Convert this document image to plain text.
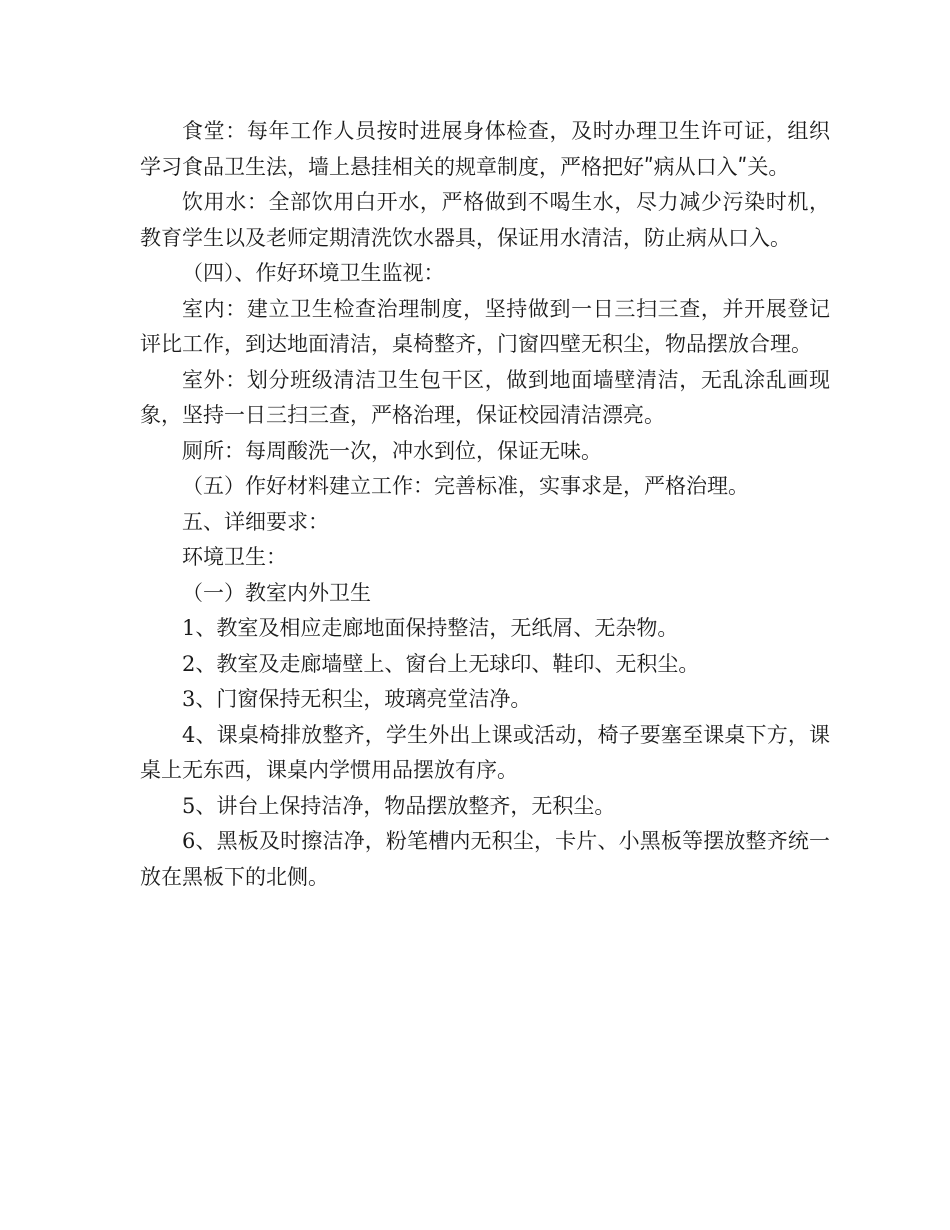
食堂：每年工作人员按时进展身体检查，及时办理卫生许可证，组织学习食品卫生法，墙上悬挂相关的规章制度，严格把好ʺ病从口入ʺ关。

饮用水：全部饮用白开水，严格做到不喝生水，尽力减少污染时机，教育学生以及老师定期清洗饮水器具，保证用水清洁，防止病从口入。

（四）、作好环境卫生监视：

室内：建立卫生检查治理制度，坚持做到一日三扫三查，并开展登记评比工作，到达地面清洁，桌椅整齐，门窗四壁无积尘，物品摆放合理。

室外：划分班级清洁卫生包干区，做到地面墙壁清洁，无乱涂乱画现象，坚持一日三扫三查，严格治理，保证校园清洁漂亮。

厕所：每周酸洗一次，冲水到位，保证无味。

（五）作好材料建立工作：完善标准，实事求是，严格治理。

五、详细要求：

环境卫生：

（一）教室内外卫生

1、教室及相应走廊地面保持整洁，无纸屑、无杂物。

2、教室及走廊墙壁上、窗台上无球印、鞋印、无积尘。

3、门窗保持无积尘，玻璃亮堂洁净。

4、课桌椅排放整齐，学生外出上课或活动，椅子要塞至课桌下方，课桌上无东西，课桌内学惯用品摆放有序。

5、讲台上保持洁净，物品摆放整齐，无积尘。

6、黑板及时擦洁净，粉笔槽内无积尘，卡片、小黑板等摆放整齐统一放在黑板下的北侧。
